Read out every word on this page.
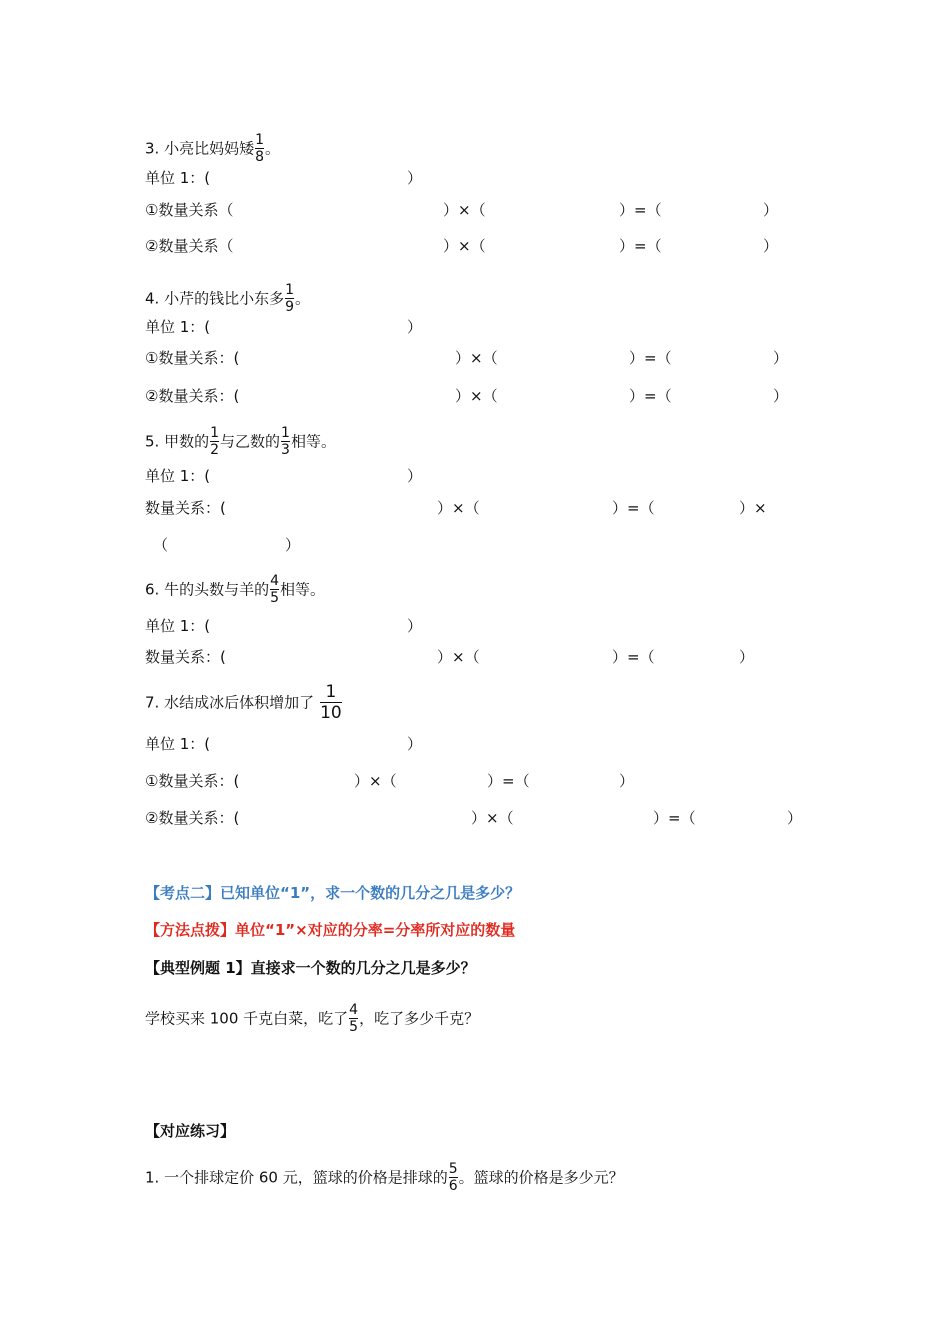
3. 小亮比妈妈矮 $\frac{1}{8}$ 。
单位 1：(	）
①数量关系（	）×（	）=（	）
②数量关系（	）×（	）=（	）
4. 小芹的钱比小东多 $\frac{1}{9}$ 。
单位 1：(	）
①数量关系：(	）×（	）=（	）
②数量关系：(	）×（	）=（	）
5. 甲数的 $\frac{1}{2}$ 与乙数的 $\frac{1}{3}$ 相等。
单位 1：(	）
数量关系：(	）×（	）=（	）×
（	）
6. 牛的头数与羊的 $\frac{4}{5}$ 相等。
单位 1：(	）
数量关系：(	）×（	）=（	）
7. 水结成冰后体积增加了 $\frac{1}{10}$
单位 1：(	）
①数量关系：(	）×（	）=（	）
②数量关系：(	）×（	）=（	）
【考点二】已知单位“1”，求一个数的几分之几是多少？
【方法点拨】单位“1”×对应的分率=分率所对应的数量
【典型例题 1】直接求一个数的几分之几是多少？
学校买来 100 千克白菜，吃了 $\frac{4}{5}$ ，吃了多少千克？
【对应练习】
1. 一个排球定价 60 元，篮球的价格是排球的 $\frac{5}{6}$ 。篮球的价格是多少元？
